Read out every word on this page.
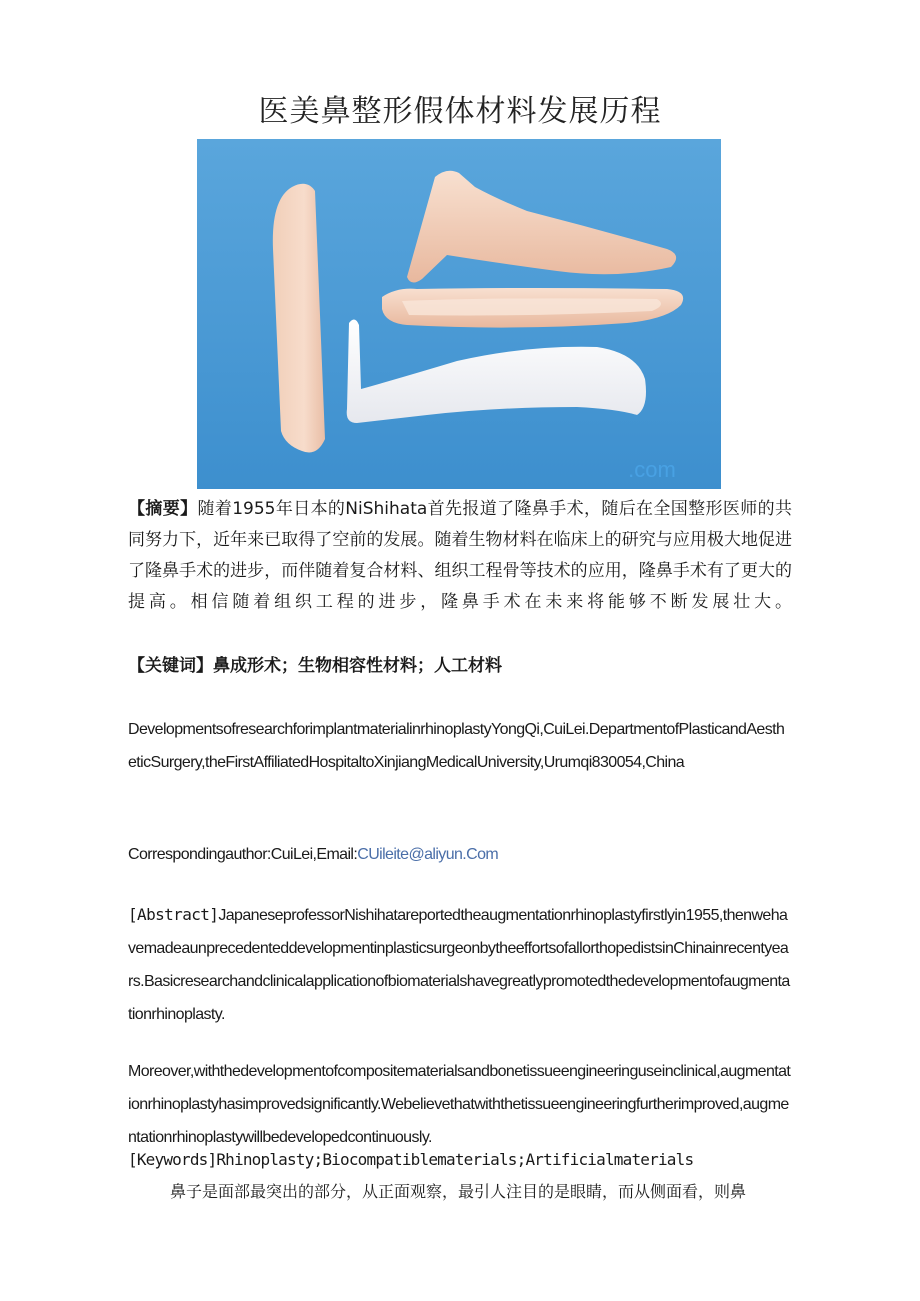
医美鼻整形假体材料发展历程
.com

【摘要】随着1955年日本的NiShihata首先报道了隆鼻手术，随后在全国整形医师的共同努力下，近年来已取得了空前的发展。随着生物材料在临床上的研究与应用极大地促进了隆鼻手术的进步，而伴随着复合材料、组织工程骨等技术的应用，隆鼻手术有了更大的提高。相信随着组织工程的进步，隆鼻手术在未来将能够不断发展壮大。

【关键词】鼻成形术；生物相容性材料；人工材料

DevelopmentsofresearchforimplantmaterialinrhinoplastyYongQi,CuiLei.DepartmentofPlasticandAestheticSurgery,theFirstAffiliatedHospitaltoXinjiangMedicalUniversity,Urumqi830054,China

Correspondingauthor:CuiLei,Email:CUileite@aliyun.Com

[Abstract]JapaneseprofessorNishihatareportedtheaugmentationrhinoplastyfirstlyin1955,thenwehavemadeaunprecedenteddevelopmentinplasticsurgeonbytheeffortsofallorthopedistsinChinainrecentyears.Basicresearchandclinicalapplicationofbiomaterialshavegreatlypromotedthedevelopmentofaugmentationrhinoplasty.

Moreover,withthedevelopmentofcompositematerialsandbonetissueengineeringuseinclinical,augmentationrhinoplastyhasimprovedsignificantly.Webelievethatwiththetissueengineeringfurtherimproved,augmentationrhinoplastywillbedevelopedcontinuously.

[Keywords]Rhinoplasty;Biocompatiblematerials;Artificialmaterials

鼻子是面部最突出的部分，从正面观察，最引人注目的是眼睛，而从侧面看，则鼻
